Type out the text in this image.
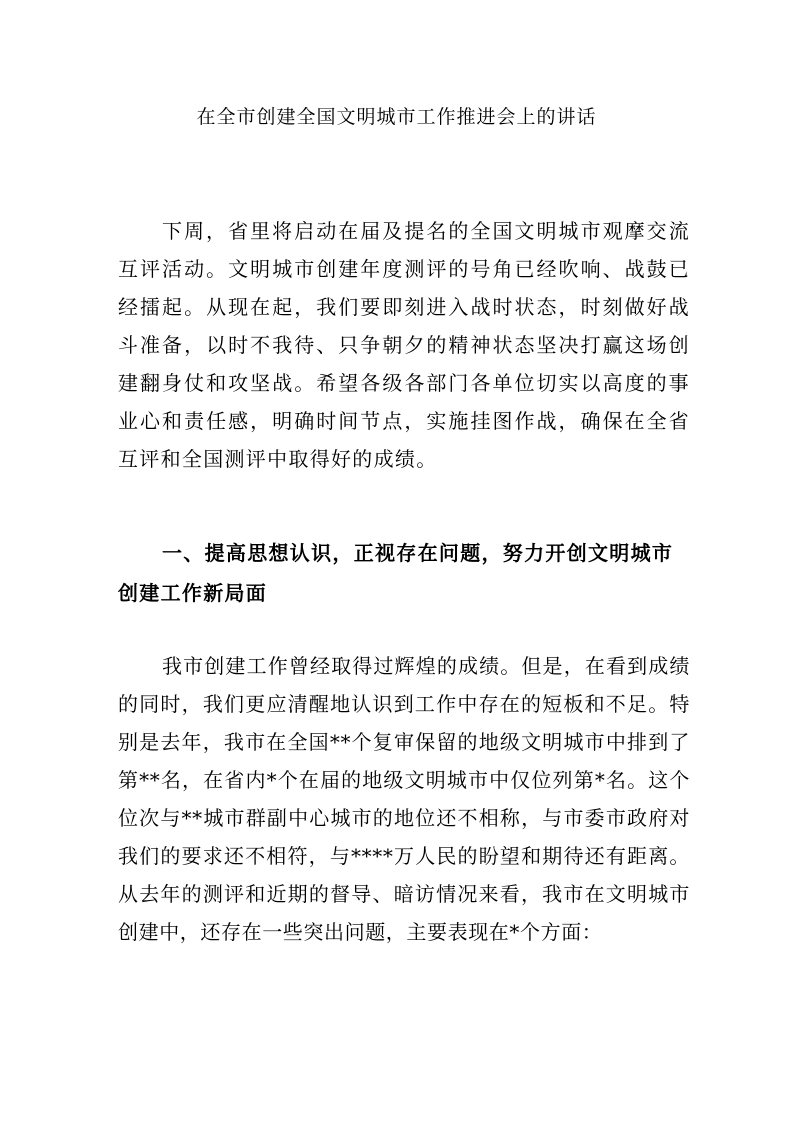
在全市创建全国文明城市工作推进会上的讲话

下周，省里将启动在届及提名的全国文明城市观摩交流互评活动。文明城市创建年度测评的号角已经吹响、战鼓已经擂起。从现在起，我们要即刻进入战时状态，时刻做好战斗准备，以时不我待、只争朝夕的精神状态坚决打赢这场创建翻身仗和攻坚战。希望各级各部门各单位切实以高度的事业心和责任感，明确时间节点，实施挂图作战，确保在全省互评和全国测评中取得好的成绩。

一、提高思想认识，正视存在问题，努力开创文明城市创建工作新局面

我市创建工作曾经取得过辉煌的成绩。但是，在看到成绩的同时，我们更应清醒地认识到工作中存在的短板和不足。特别是去年，我市在全国**个复审保留的地级文明城市中排到了第**名，在省内*个在届的地级文明城市中仅位列第*名。这个位次与**城市群副中心城市的地位还不相称，与市委市政府对我们的要求还不相符，与****万人民的盼望和期待还有距离。从去年的测评和近期的督导、暗访情况来看，我市在文明城市创建中，还存在一些突出问题，主要表现在*个方面：
